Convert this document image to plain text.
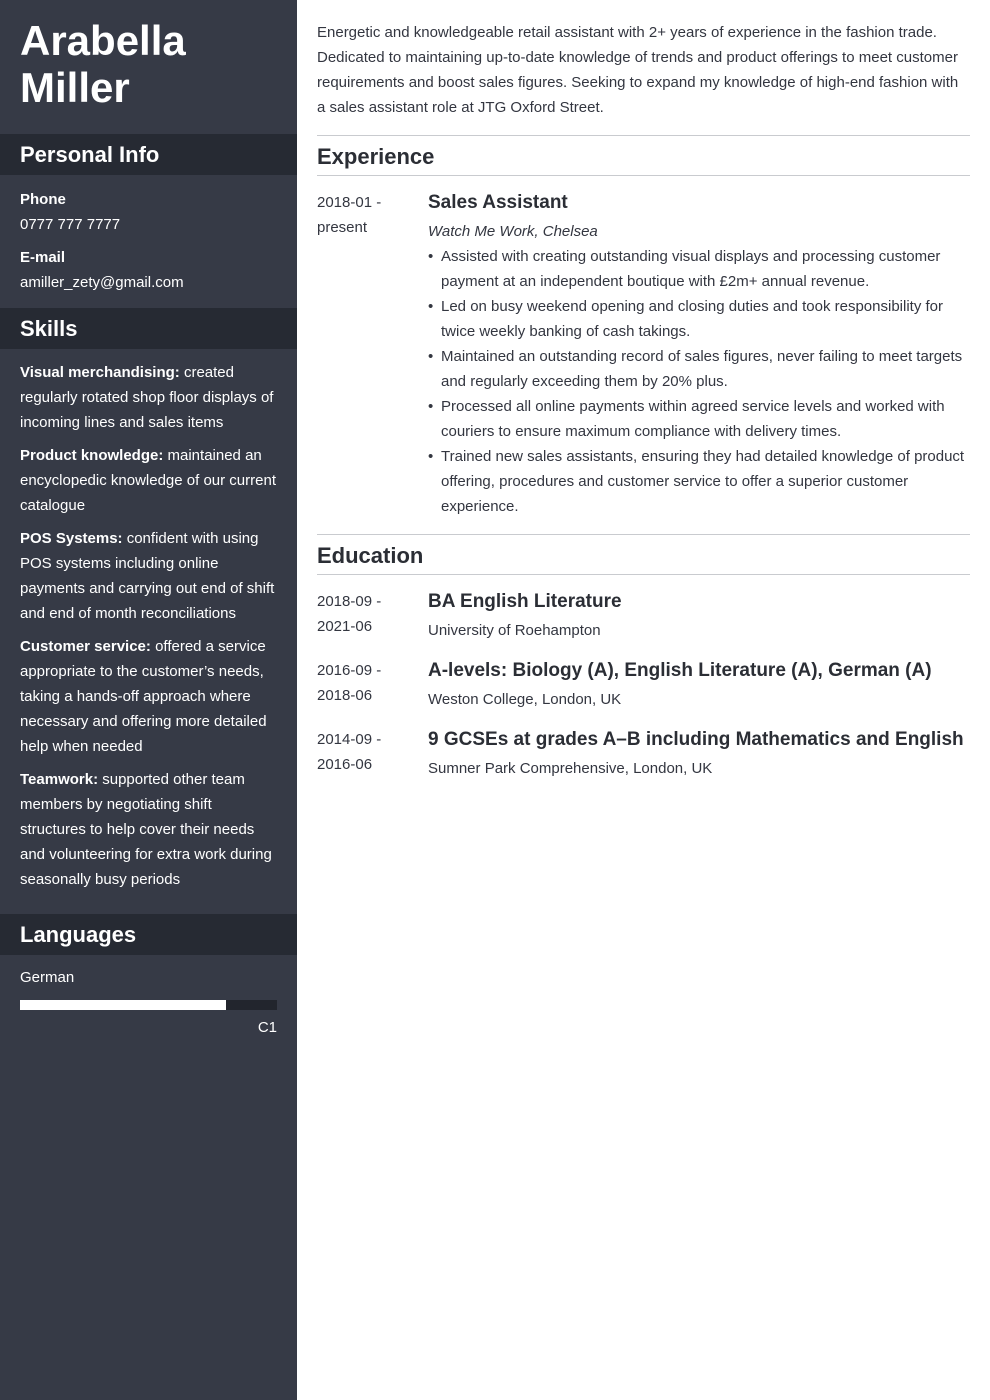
Arabella
Miller
Personal Info
Phone
0777 777 7777
E-mail
amiller_zety@gmail.com
Skills
Visual merchandising: created regularly rotated shop floor displays of incoming lines and sales items
Product knowledge: maintained an encyclopedic knowledge of our current catalogue
POS Systems: confident with using POS systems including online payments and carrying out end of shift and end of month reconciliations
Customer service: offered a service appropriate to the customer’s needs, taking a hands-off approach where necessary and offering more detailed help when needed
Teamwork: supported other team members by negotiating shift structures to help cover their needs and volunteering for extra work during seasonally busy periods
Languages
German
C1

Energetic and knowledgeable retail assistant with 2+ years of experience in the fashion trade. Dedicated to maintaining up-to-date knowledge of trends and product offerings to meet customer requirements and boost sales figures. Seeking to expand my knowledge of high-end fashion with a sales assistant role at JTG Oxford Street.

Experience
2018-01 -
present
Sales Assistant
Watch Me Work, Chelsea
• Assisted with creating outstanding visual displays and processing customer payment at an independent boutique with £2m+ annual revenue.
• Led on busy weekend opening and closing duties and took responsibility for twice weekly banking of cash takings.
• Maintained an outstanding record of sales figures, never failing to meet targets and regularly exceeding them by 20% plus.
• Processed all online payments within agreed service levels and worked with couriers to ensure maximum compliance with delivery times.
• Trained new sales assistants, ensuring they had detailed knowledge of product offering, procedures and customer service to offer a superior customer experience.
Education
2018-09 -
2021-06
BA English Literature
University of Roehampton
2016-09 -
2018-06
A-levels: Biology (A), English Literature (A), German (A)
Weston College, London, UK
2014-09 -
2016-06
9 GCSEs at grades A–B including Mathematics and English
Sumner Park Comprehensive, London, UK
